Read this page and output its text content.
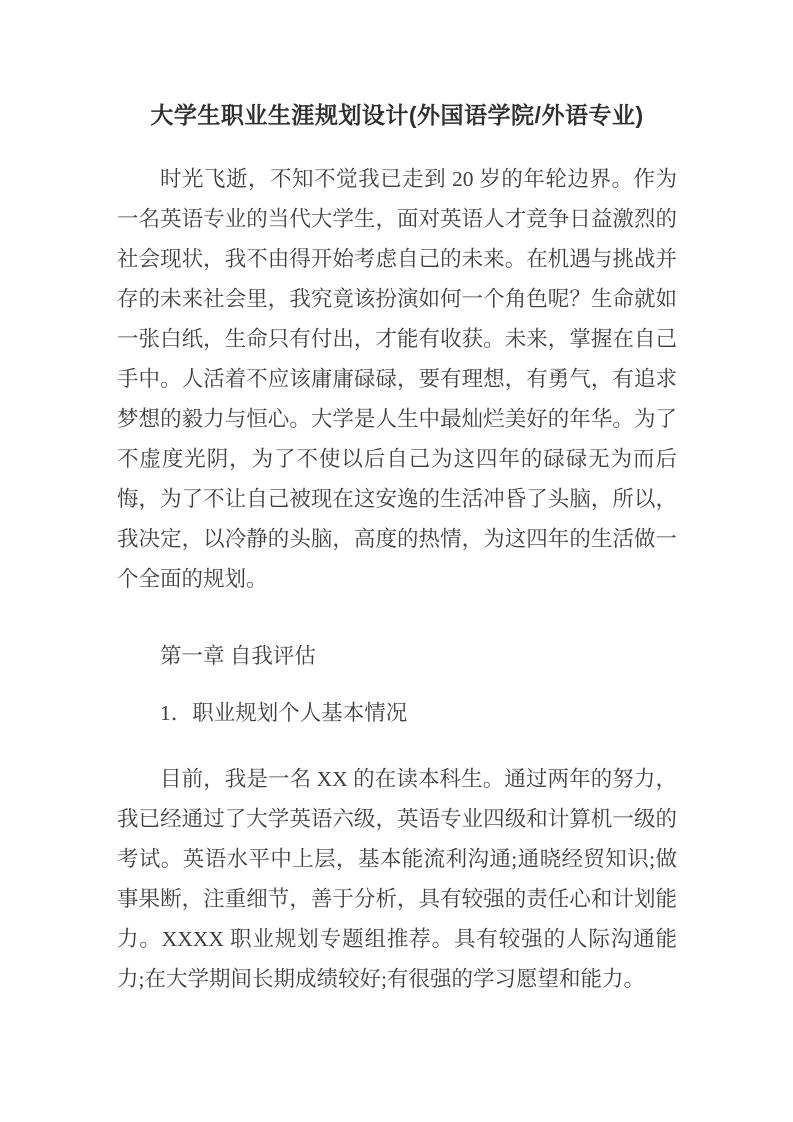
大学生职业生涯规划设计(外国语学院/外语专业)

时光飞逝，不知不觉我已走到 20 岁的年轮边界。作为一名英语专业的当代大学生，面对英语人才竞争日益激烈的社会现状，我不由得开始考虑自己的未来。在机遇与挑战并存的未来社会里，我究竟该扮演如何一个角色呢？生命就如一张白纸，生命只有付出，才能有收获。未来，掌握在自己手中。人活着不应该庸庸碌碌，要有理想，有勇气，有追求梦想的毅力与恒心。大学是人生中最灿烂美好的年华。为了不虚度光阴，为了不使以后自己为这四年的碌碌无为而后悔，为了不让自己被现在这安逸的生活冲昏了头脑，所以，我决定，以冷静的头脑，高度的热情，为这四年的生活做一个全面的规划。

第一章 自我评估
1．职业规划个人基本情况

目前，我是一名 XX 的在读本科生。通过两年的努力，我已经通过了大学英语六级，英语专业四级和计算机一级的考试。英语水平中上层，基本能流利沟通;通晓经贸知识;做事果断，注重细节，善于分析，具有较强的责任心和计划能力。XXXX 职业规划专题组推荐。具有较强的人际沟通能力;在大学期间长期成绩较好;有很强的学习愿望和能力。
